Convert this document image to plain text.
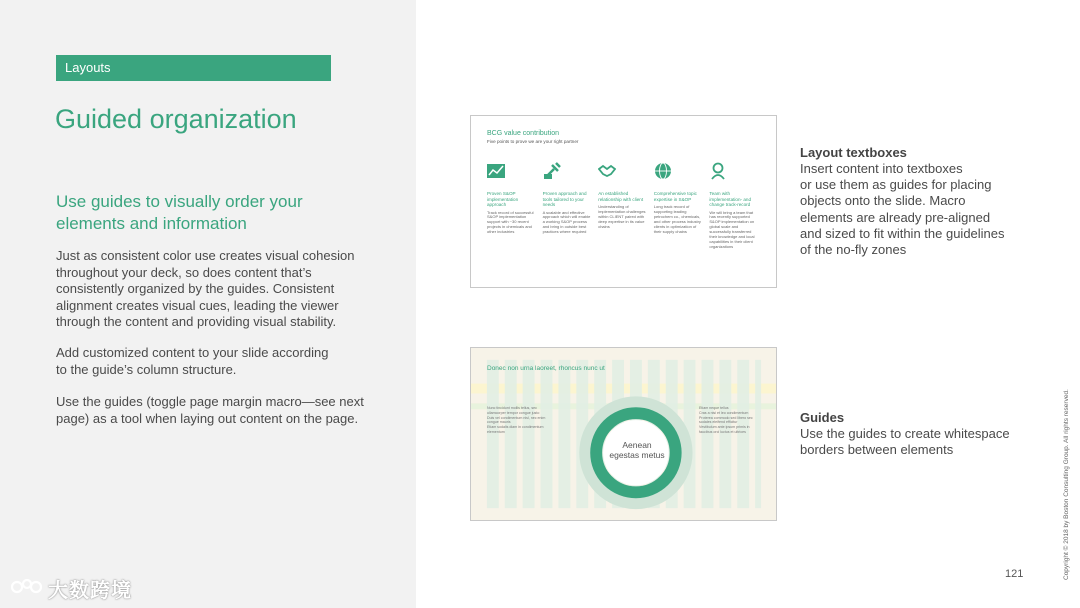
Layouts
Guided organization
Use guides to visually order your elements and information

Just as consistent color use creates visual cohesion
throughout your deck, so does content that’s
consistently organized by the guides. Consistent
alignment creates visual cues, leading the viewer
through the content and providing visual stability.

Add customized content to your slide according
to the guide’s column structure.

Use the guides (toggle page margin macro—see next
page) as a tool when laying out content on the page.

大数跨境
BCG value contribution
Five points to prove we are your right partner
Proven S&OP implementation approach
Track record of successful S&OP implementation support with ~30 recent projects in chemicals and other industries
Proven approach and tools tailored to your needs
A scalable and effective approach which will enable a working S&OP process and bring in outside best practices where required
An established relationship with client
Understanding of implementation challenges within CLIENT paired with deep expertise in its value chains
Comprehensive topic expertise in S&OP
Long track record of supporting leading petrochem co., chemicals, and other process industry clients in optimization of their supply chains
Team with implementation- and change track-record
We will bring a team that has recently supported S&OP implementation on global scale and successfully transferred their knowledge and local capabilities in their client organizations
Donec non urna laoreet, rhoncus nunc ut
Nunc tincidunt mollis tellus, sec
ullamcorper tempor congue justo
Duis vel condimentum nisl, nec enim
congue mauris
Etiam sodalis diam in condimentum
elementum
Etiam neque tellus
Cras a nisi et leo condimentum
Proterea commodo sed libero sec
sodales eleifend efficitur
Vestibulum ante ipsum primis in
faucibus orci luctus et ultrices
Aenean egestas metus
Layout textboxes

Insert content into textboxes
or use them as guides for placing
objects onto the slide. Macro
elements are already pre-aligned
and sized to fit within the guidelines
of the no-fly zones

Guides

Use the guides to create whitespace
borders between elements

121	Copyright © 2018 by Boston Consulting Group. All rights reserved.
